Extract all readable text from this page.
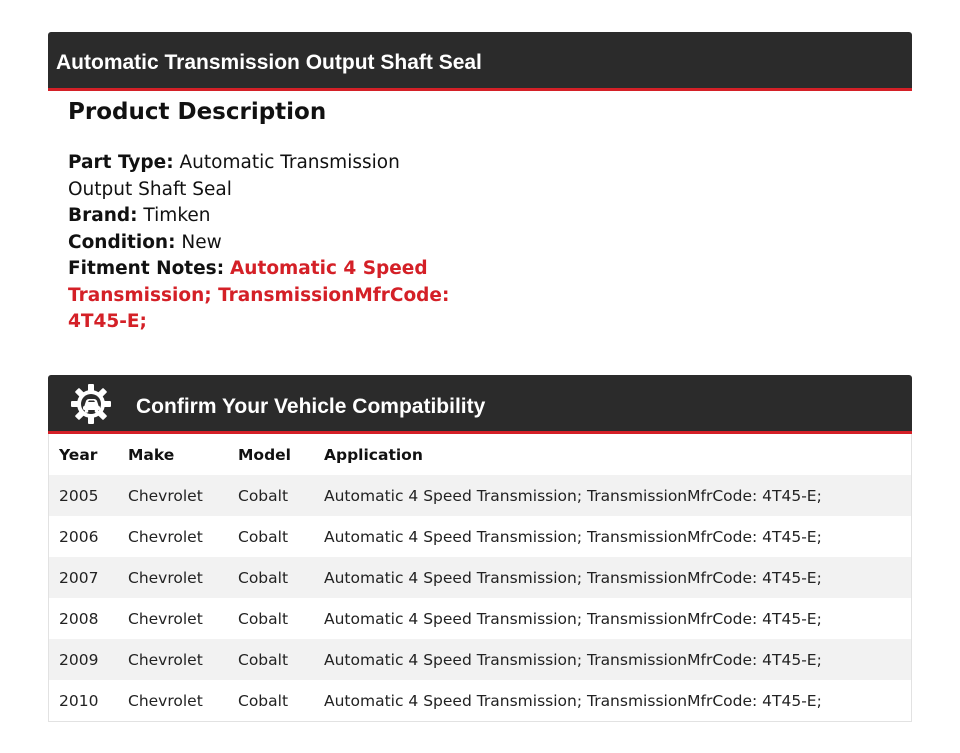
Automatic Transmission Output Shaft Seal
Product Description
Part Type: Automatic Transmission Output Shaft Seal
Brand: Timken
Condition: New
Fitment Notes: Automatic 4 Speed Transmission; TransmissionMfrCode: 4T45-E;
Confirm Your Vehicle Compatibility
Year	Make	Model	Application
2005	Chevrolet	Cobalt	Automatic 4 Speed Transmission; TransmissionMfrCode: 4T45-E;
2006	Chevrolet	Cobalt	Automatic 4 Speed Transmission; TransmissionMfrCode: 4T45-E;
2007	Chevrolet	Cobalt	Automatic 4 Speed Transmission; TransmissionMfrCode: 4T45-E;
2008	Chevrolet	Cobalt	Automatic 4 Speed Transmission; TransmissionMfrCode: 4T45-E;
2009	Chevrolet	Cobalt	Automatic 4 Speed Transmission; TransmissionMfrCode: 4T45-E;
2010	Chevrolet	Cobalt	Automatic 4 Speed Transmission; TransmissionMfrCode: 4T45-E;
